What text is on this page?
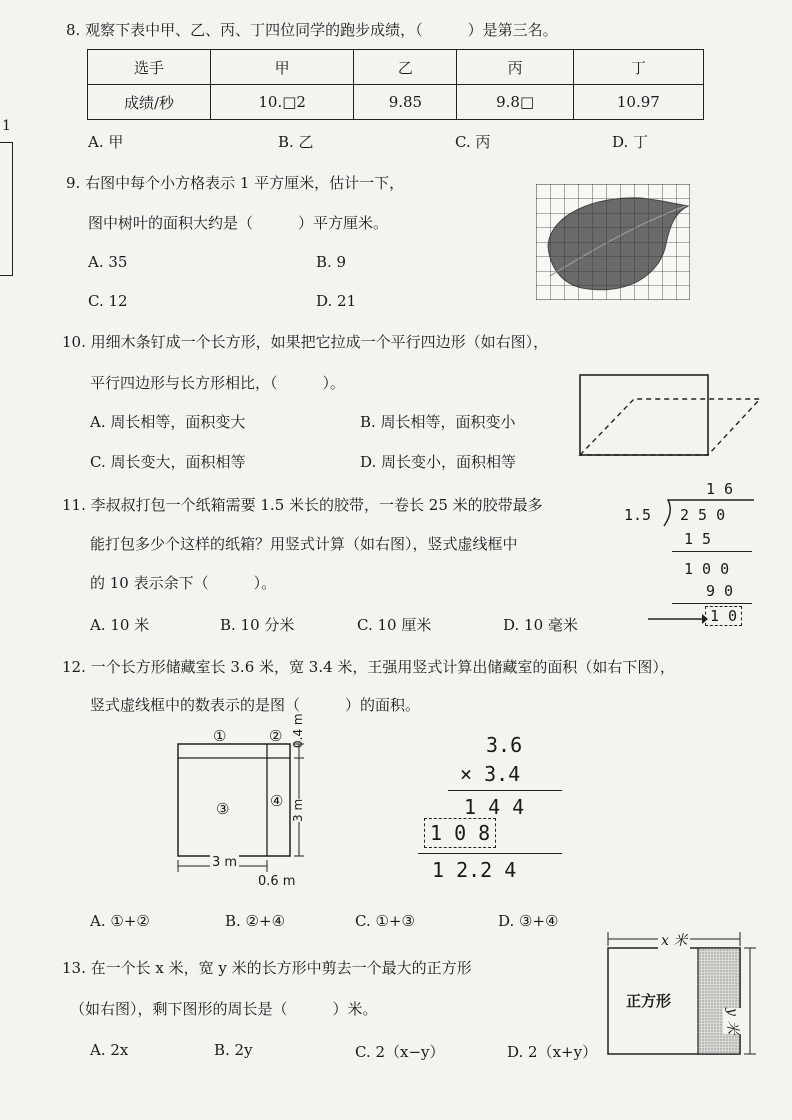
1
8. 观察下表中甲、乙、丙、丁四位同学的跑步成绩，（　　　）是第三名。
选手	甲	乙	丙	丁
成绩/秒	10.□2	9.85	9.8□	10.97
A. 甲	B. 乙	C. 丙	D. 丁
9. 右图中每个小方格表示 1 平方厘米，估计一下，
图中树叶的面积大约是（　　　）平方厘米。
A. 35	B. 9
C. 12	D. 21
10. 用细木条钉成一个长方形，如果把它拉成一个平行四边形（如右图），
平行四边形与长方形相比，（　　　）。
A. 周长相等，面积变大	B. 周长相等，面积变小
C. 周长变大，面积相等	D. 周长变小，面积相等
11. 李叔叔打包一个纸箱需要 1.5 米长的胶带，一卷长 25 米的胶带最多
能打包多少个这样的纸箱？用竖式计算（如右图），竖式虚线框中
的 10 表示余下（　　　）。
A. 10 米	B. 10 分米	C. 10 厘米	D. 10 毫米
1 6
1.5 2 5 0
1 5
1 0 0
9 0
1 0
12. 一个长方形储藏室长 3.6 米，宽 3.4 米，王强用竖式计算出储藏室的面积（如右下图），
竖式虚线框中的数表示的是图（　　　）的面积。
①	②
③	④
3 m
0.6 m
0.4 m
3 m
3.6
× 3.4
1 4 4
1 0 8
1 2.2 4
A. ①+②	B. ②+④	C. ①+③	D. ③+④
13. 在一个长 x 米，宽 y 米的长方形中剪去一个最大的正方形
（如右图），剩下图形的周长是（　　　）米。
A. 2x	B. 2y	C. 2（x−y）	D. 2（x+y）
x 米
y 米
正方形
